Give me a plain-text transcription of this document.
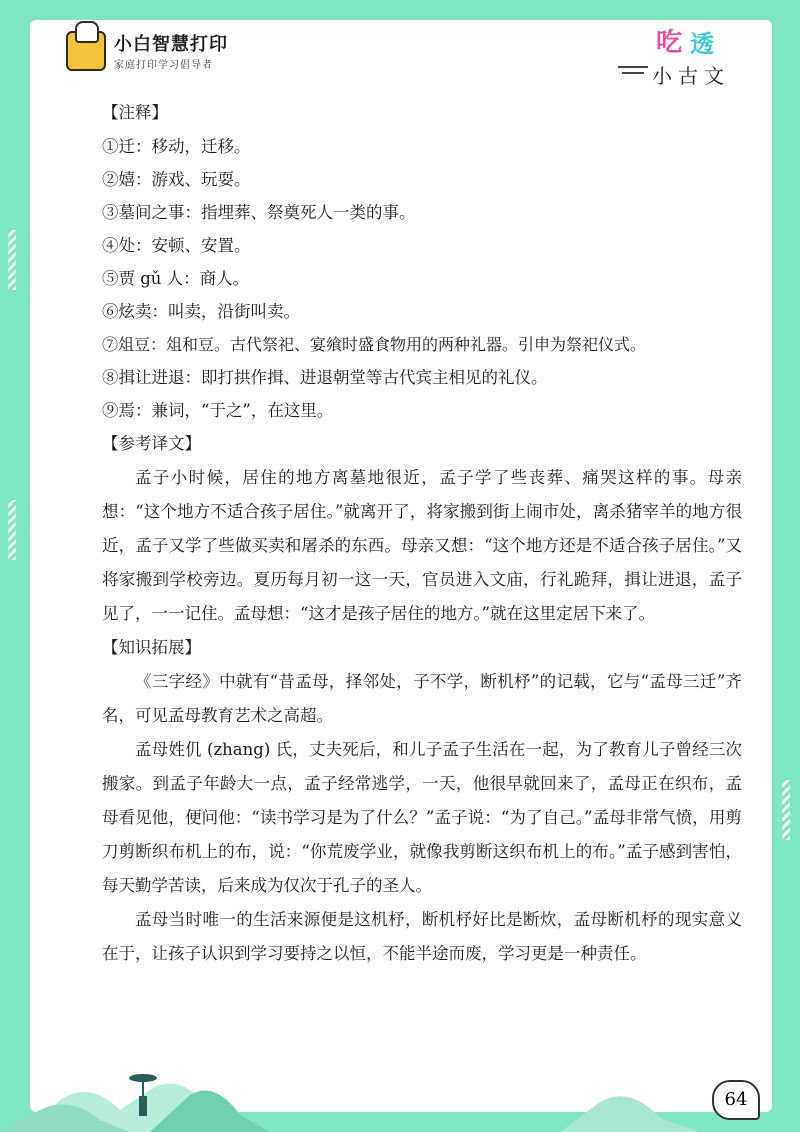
小白智慧打印
家庭打印学习倡导者
吃 透
小古文
【注释】
①迁：移动，迁移。
②嬉：游戏、玩耍。
③墓间之事：指埋葬、祭奠死人一类的事。
④处：安顿、安置。
⑤贾 gǔ 人：商人。
⑥炫卖：叫卖，沿街叫卖。
⑦俎豆：俎和豆。古代祭祀、宴飨时盛食物用的两种礼器。引申为祭祀仪式。
⑧揖让进退：即打拱作揖、进退朝堂等古代宾主相见的礼仪。
⑨焉：兼词，“于之”，在这里。
【参考译文】

孟子小时候，居住的地方离墓地很近，孟子学了些丧葬、痛哭这样的事。母亲想：“这个地方不适合孩子居住。”就离开了，将家搬到街上闹市处，离杀猪宰羊的地方很近，孟子又学了些做买卖和屠杀的东西。母亲又想：“这个地方还是不适合孩子居住。”又将家搬到学校旁边。夏历每月初一这一天，官员进入文庙，行礼跪拜，揖让进退，孟子见了，一一记住。孟母想：“这才是孩子居住的地方。”就在这里定居下来了。

【知识拓展】

《三字经》中就有“昔孟母，择邻处，子不学，断机杼”的记载，它与“孟母三迁”齐名，可见孟母教育艺术之高超。

孟母姓仉 (zhang) 氏，丈夫死后，和儿子孟子生活在一起，为了教育儿子曾经三次搬家。到孟子年龄大一点，孟子经常逃学，一天，他很早就回来了，孟母正在织布，孟母看见他，便问他：“读书学习是为了什么？”孟子说：“为了自己。”孟母非常气愤，用剪刀剪断织布机上的布，说：“你荒废学业，就像我剪断这织布机上的布。”孟子感到害怕，每天勤学苦读，后来成为仅次于孔子的圣人。

孟母当时唯一的生活来源便是这机杼，断机杼好比是断炊，孟母断机杼的现实意义在于，让孩子认识到学习要持之以恒，不能半途而废，学习更是一种责任。

64
